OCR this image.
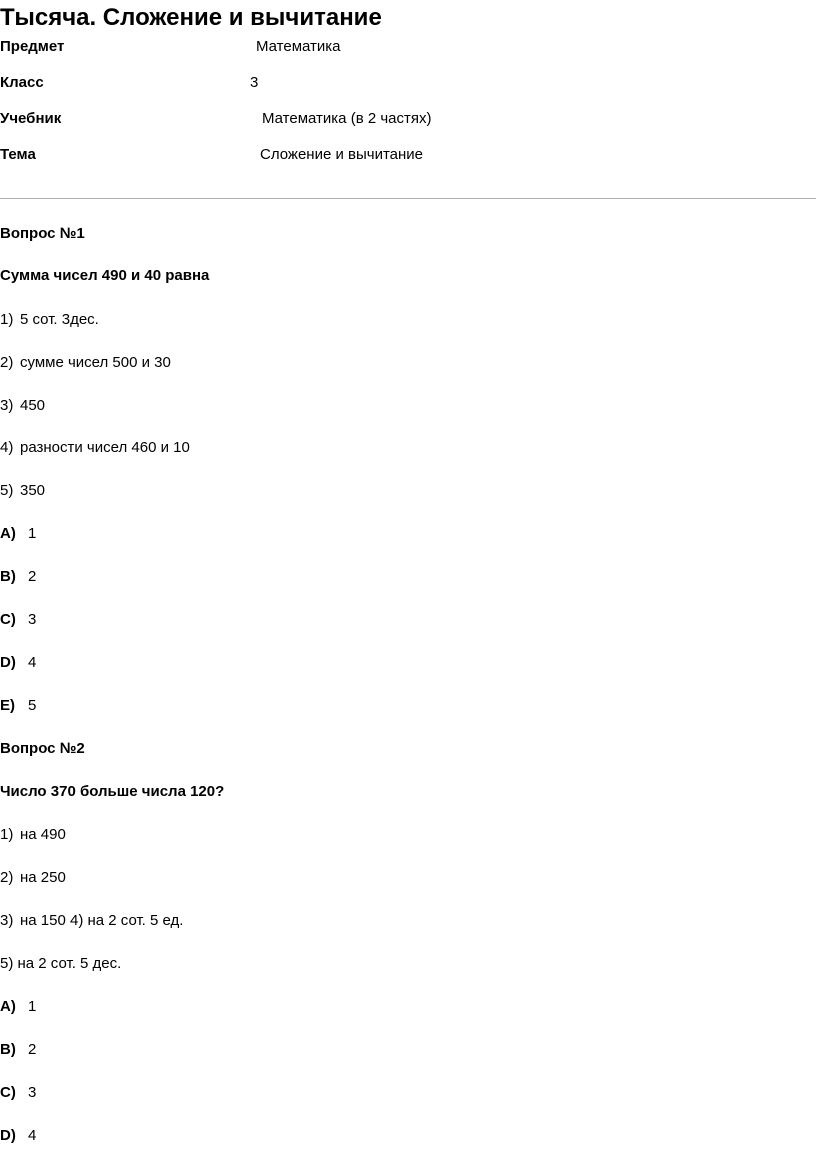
Тысяча. Сложение и вычитание
Предмет	Математика
Класс	3
Учебник	Математика (в 2 частях)
Тема	Сложение и вычитание
Вопрос №1
Сумма чисел 490 и 40 равна
1) 5 сот. 3дес.
2) сумме чисел 500 и 30
3) 450
4) разности чисел 460 и 10
5) 350
A) 1
B) 2
C) 3
D) 4
E) 5
Вопрос №2
Число 370 больше числа 120?
1) на 490
2) на 250
3) на 150 4) на 2 сот. 5 ед.
5) на 2 сот. 5 дес.
A) 1
B) 2
C) 3
D) 4
